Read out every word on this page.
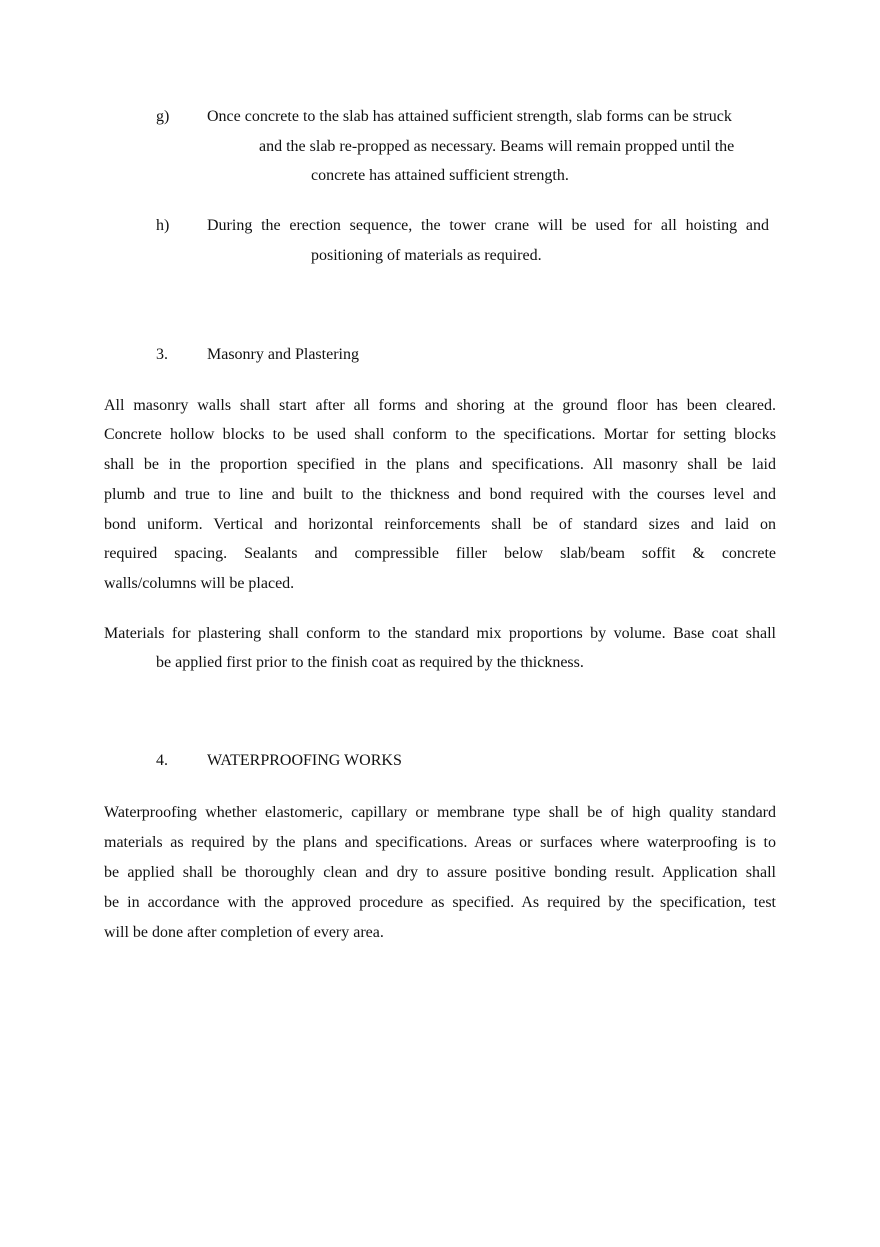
g) Once concrete to the slab has attained sufficient strength, slab forms can be struck
and the slab re-propped as necessary. Beams will remain propped until the
concrete has attained sufficient strength.
h) During the erection sequence, the tower crane will be used for all hoisting and
positioning of materials as required.
3. Masonry and Plastering
All masonry walls shall start after all forms and shoring at the ground floor has been cleared.
Concrete hollow blocks to be used shall conform to the specifications. Mortar for setting blocks
shall be in the proportion specified in the plans and specifications. All masonry shall be laid
plumb and true to line and built to the thickness and bond required with the courses level and
bond uniform. Vertical and horizontal reinforcements shall be of standard sizes and laid on
required spacing. Sealants and compressible filler below slab/beam soffit & concrete
walls/columns will be placed.
Materials for plastering shall conform to the standard mix proportions by volume. Base coat shall
be applied first prior to the finish coat as required by the thickness.
4. WATERPROOFING WORKS
Waterproofing whether elastomeric, capillary or membrane type shall be of high quality standard
materials as required by the plans and specifications. Areas or surfaces where waterproofing is to
be applied shall be thoroughly clean and dry to assure positive bonding result. Application shall
be in accordance with the approved procedure as specified. As required by the specification, test
will be done after completion of every area.
